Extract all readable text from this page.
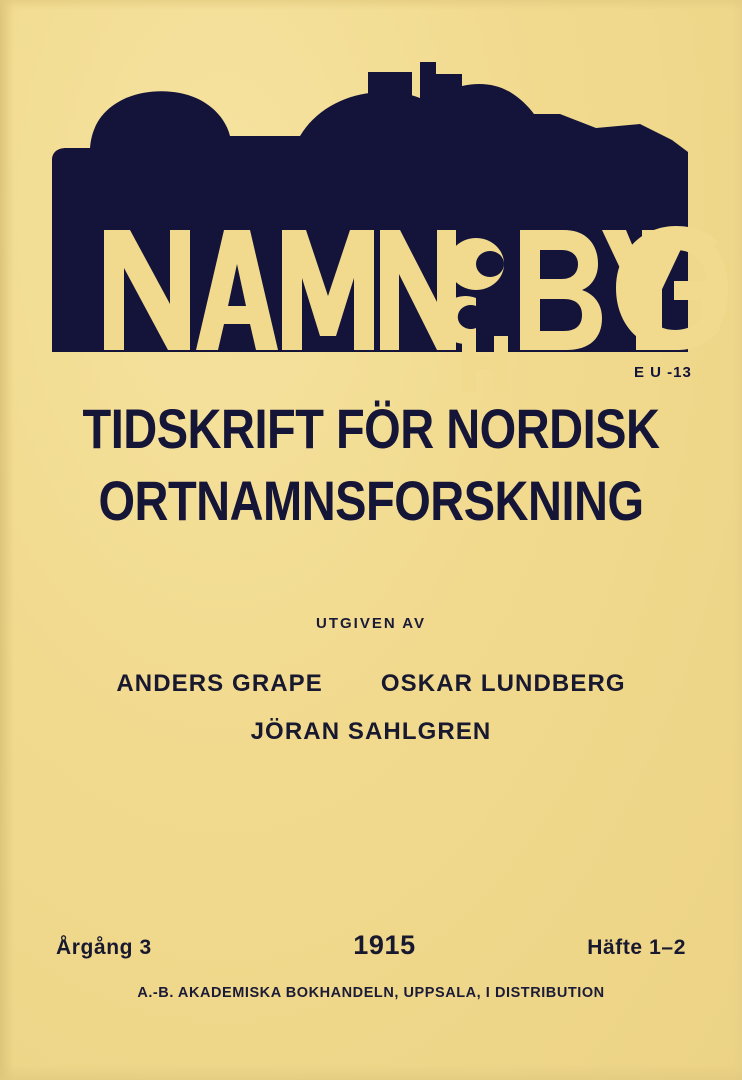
E U -13
TIDSKRIFT FÖR NORDISK
ORTNAMNSFORSKNING
UTGIVEN AV
ANDERS GRAPE OSKAR LUNDBERG
JÖRAN SAHLGREN
Årgång 3	1915	Häfte 1–2
A.-B. AKADEMISKA BOKHANDELN, UPPSALA, I DISTRIBUTION
